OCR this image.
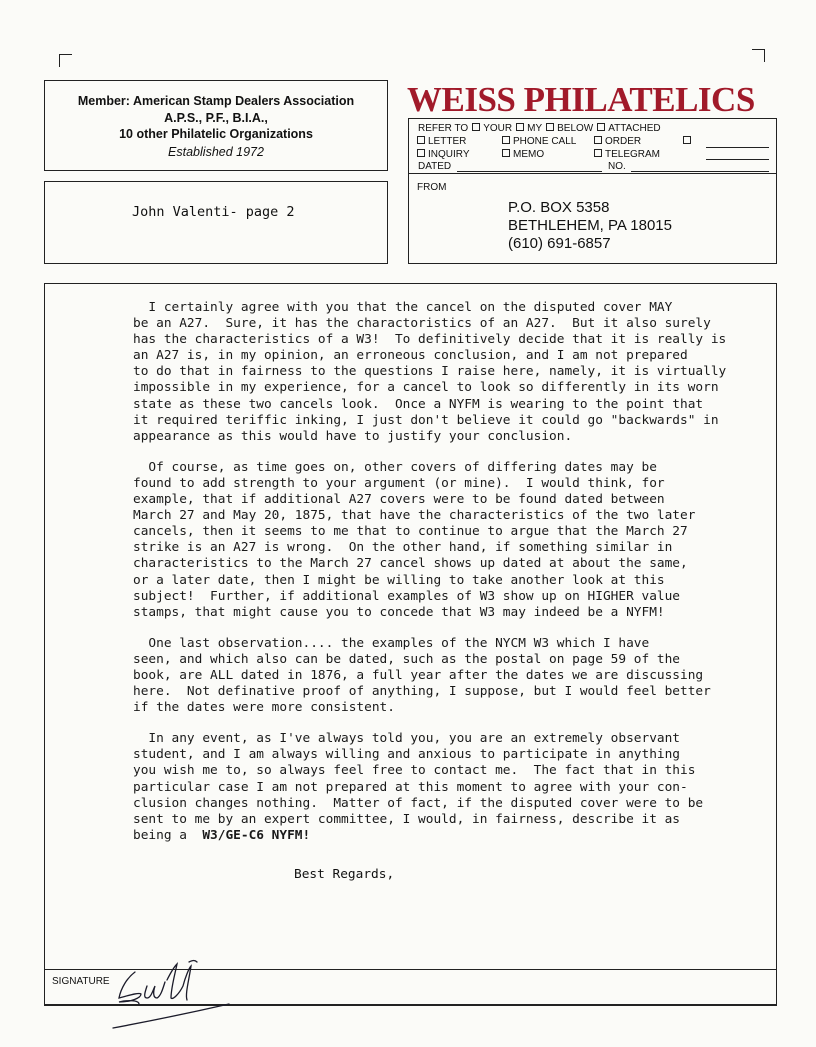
Member: American Stamp Dealers Association
A.P.S., P.F., B.I.A.,
10 other Philatelic Organizations
Established 1972
John Valenti- page 2
WEISS PHILATELICS
REFER TO YOUR MY BELOW ATTACHED
LETTER	PHONE CALL	ORDER
INQUIRY	MEMO	TELEGRAM
DATED	NO.
FROM
P.O. BOX 5358
BETHLEHEM, PA 18015
(610) 691-6857

I certainly agree with you that the cancel on the disputed cover MAY
be an A27.  Sure, it has the charactoristics of an A27.  But it also surely
has the characteristics of a W3!  To definitively decide that it is really is
an A27 is, in my opinion, an erroneous conclusion, and I am not prepared
to do that in fairness to the questions I raise here, namely, it is virtually
impossible in my experience, for a cancel to look so differently in its worn
state as these two cancels look.  Once a NYFM is wearing to the point that
it required teriffic inking, I just don't believe it could go "backwards" in
appearance as this would have to justify your conclusion.

Of course, as time goes on, other covers of differing dates may be
found to add strength to your argument (or mine).  I would think, for
example, that if additional A27 covers were to be found dated between
March 27 and May 20, 1875, that have the characteristics of the two later
cancels, then it seems to me that to continue to argue that the March 27
strike is an A27 is wrong.  On the other hand, if something similar in
characteristics to the March 27 cancel shows up dated at about the same,
or a later date, then I might be willing to take another look at this
subject!  Further, if additional examples of W3 show up on HIGHER value
stamps, that might cause you to concede that W3 may indeed be a NYFM!

One last observation.... the examples of the NYCM W3 which I have
seen, and which also can be dated, such as the postal on page 59 of the
book, are ALL dated in 1876, a full year after the dates we are discussing
here.  Not definative proof of anything, I suppose, but I would feel better
if the dates were more consistent.

In any event, as I've always told you, you are an extremely observant
student, and I am always willing and anxious to participate in anything
you wish me to, so always feel free to contact me.  The fact that in this
particular case I am not prepared at this moment to agree with your con-
clusion changes nothing.  Matter of fact, if the disputed cover were to be
sent to me by an expert committee, I would, in fairness, describe it as
being a  W3/GE-C6 NYFM!

Best Regards,
SIGNATURE
